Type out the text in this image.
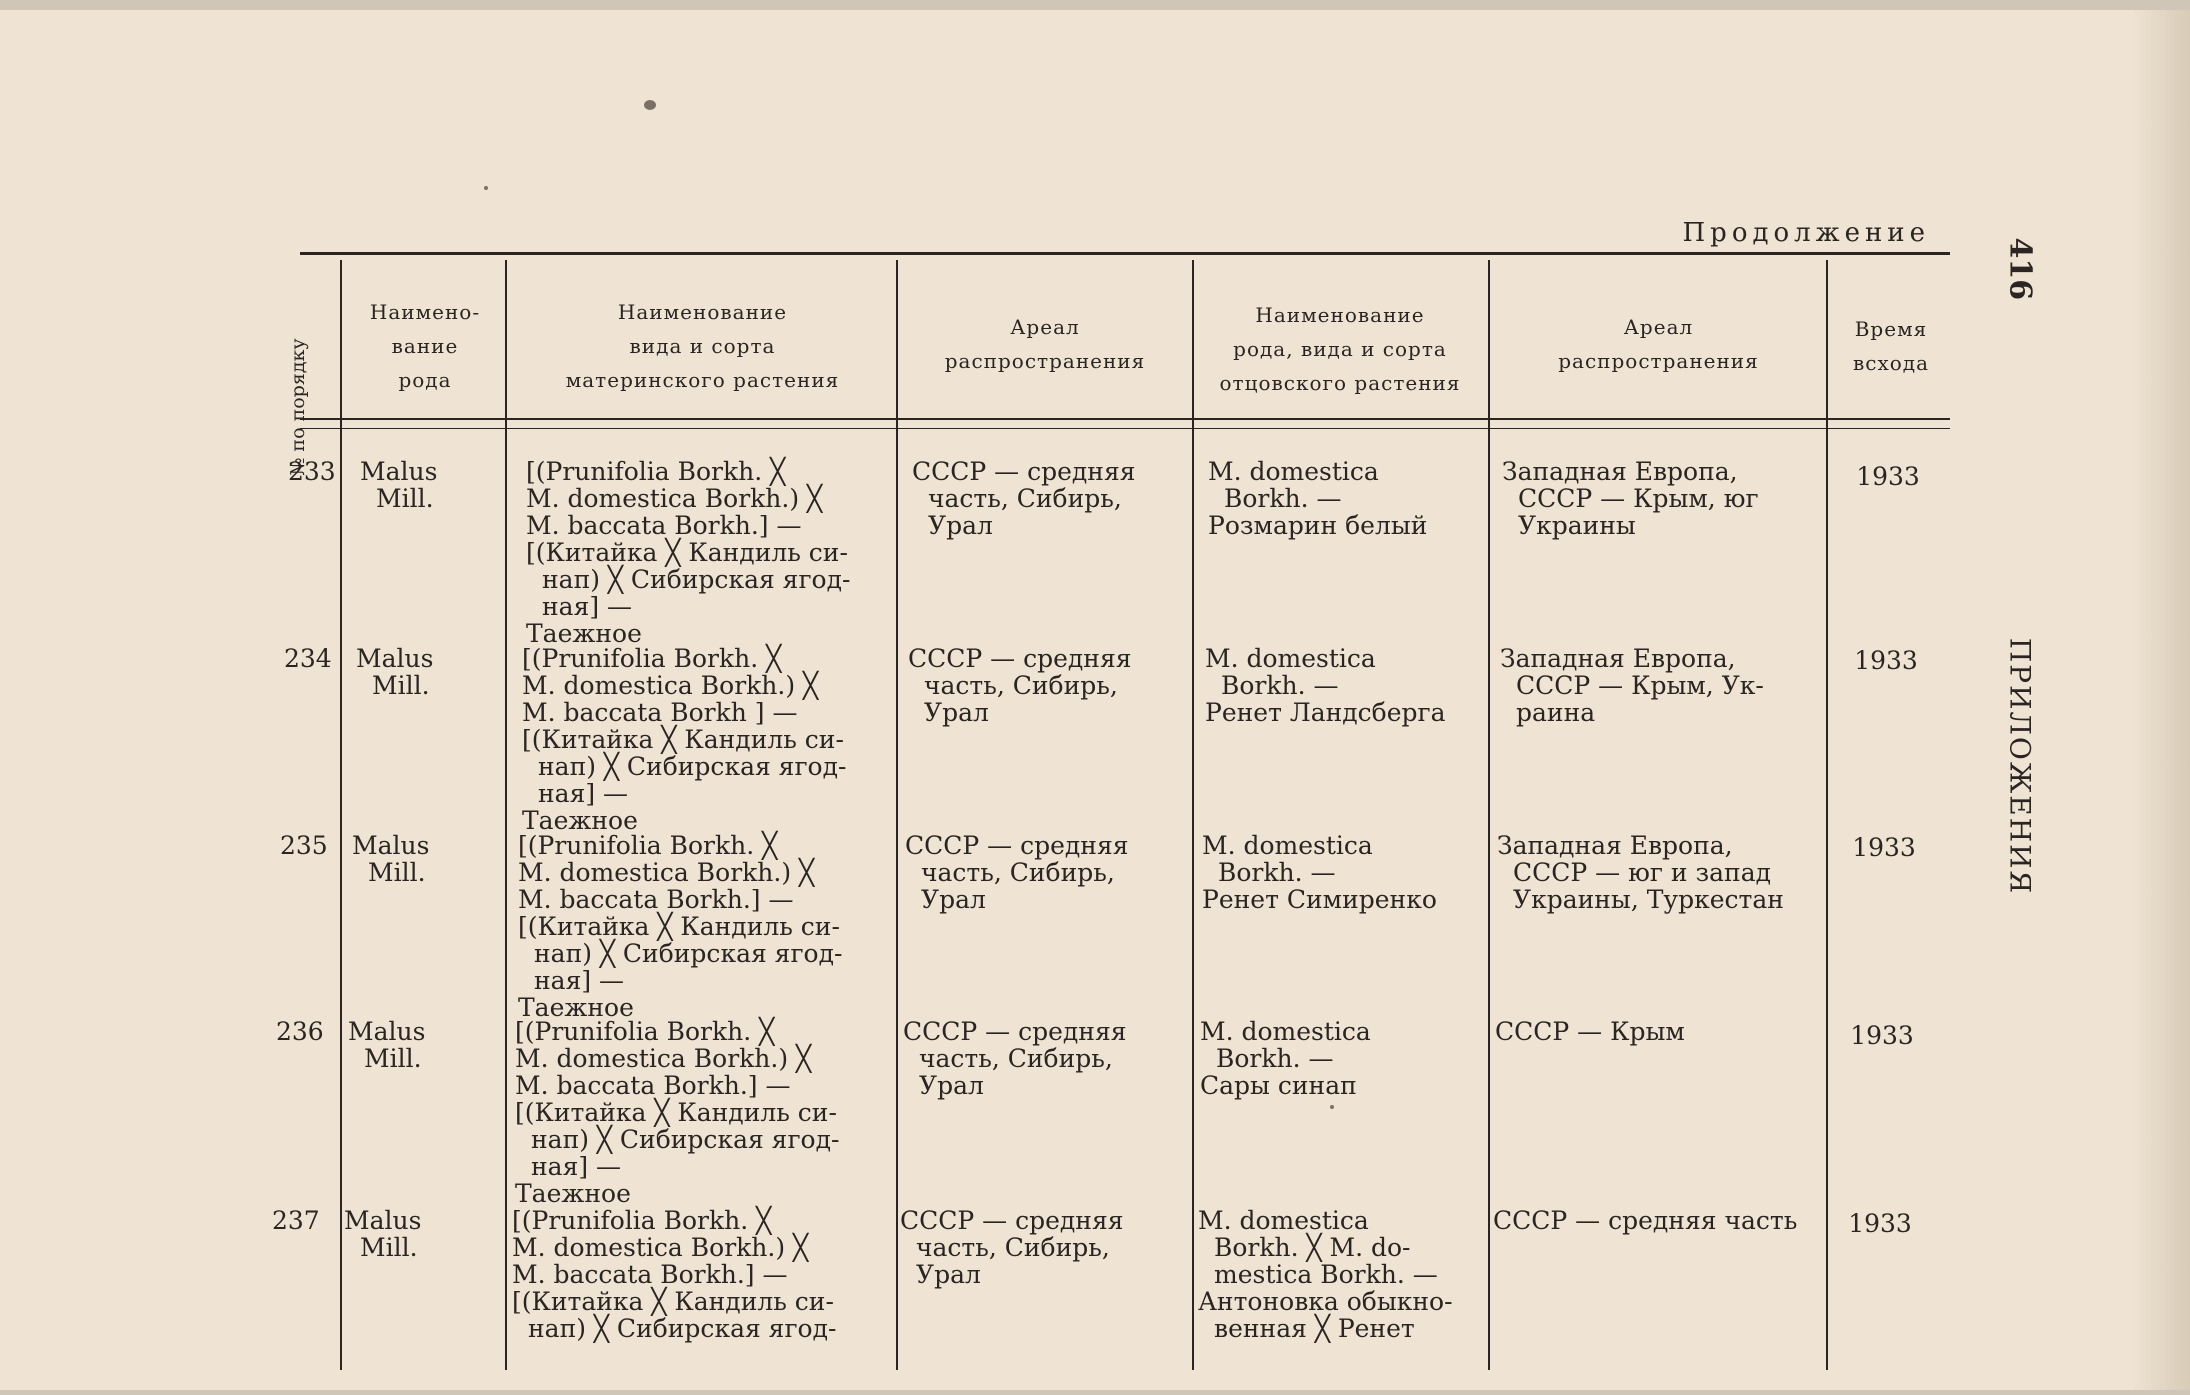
Продолжение
416
ПРИЛОЖЕНИЯ
№ по порядку
Наимено-
вание
рода
Наименование
вида и сорта
материнского растения
Ареал
распространения
Наименование
рода, вида и сорта
отцовского растения
Ареал
распространения
Время
всхода
233 Malus
Mill.
[(Prunifolia Borkh. ╳
M. domestica Borkh.) ╳
M. baccata Borkh.] —
[(Китайка ╳ Кандиль си-
нап) ╳ Сибирская ягод-
ная] —
Таежное
СССР — средняя
часть, Сибирь,
Урал
M. domestica
Borkh. —
Розмарин белый
Западная Европа,
СССР — Крым, юг
Украины
1933
234 Malus
Mill.
[(Prunifolia Borkh. ╳
M. domestica Borkh.) ╳
M. baccata Borkh ] —
[(Китайка ╳ Кандиль си-
нап) ╳ Сибирская ягод-
ная] —
Таежное
СССР — средняя
часть, Сибирь,
Урал
M. domestica
Borkh. —
Ренет Ландсберга
Западная Европа,
СССР — Крым, Ук-
раина
1933
235 Malus
Mill.
[(Prunifolia Borkh. ╳
M. domestica Borkh.) ╳
M. baccata Borkh.] —
[(Китайка ╳ Кандиль си-
нап) ╳ Сибирская ягод-
ная] —
Таежное
СССР — средняя
часть, Сибирь,
Урал
M. domestica
Borkh. —
Ренет Симиренко
Западная Европа,
СССР — юг и запад
Украины, Туркестан
1933
236 Malus
Mill.
[(Prunifolia Borkh. ╳
M. domestica Borkh.) ╳
M. baccata Borkh.] —
[(Китайка ╳ Кандиль си-
нап) ╳ Сибирская ягод-
ная] —
Таежное
СССР — средняя
часть, Сибирь,
Урал
M. domestica
Borkh. —
Сары синап
СССР — Крым	1933
237 Malus
Mill.
[(Prunifolia Borkh. ╳
M. domestica Borkh.) ╳
M. baccata Borkh.] —
[(Китайка ╳ Кандиль си-
нап) ╳ Сибирская ягод-
СССР — средняя
часть, Сибирь,
Урал
M. domestica
Borkh. ╳ M. do-
mestica Borkh. —
Антоновка обыкно-
венная ╳ Ренет
СССР — средняя часть	1933
